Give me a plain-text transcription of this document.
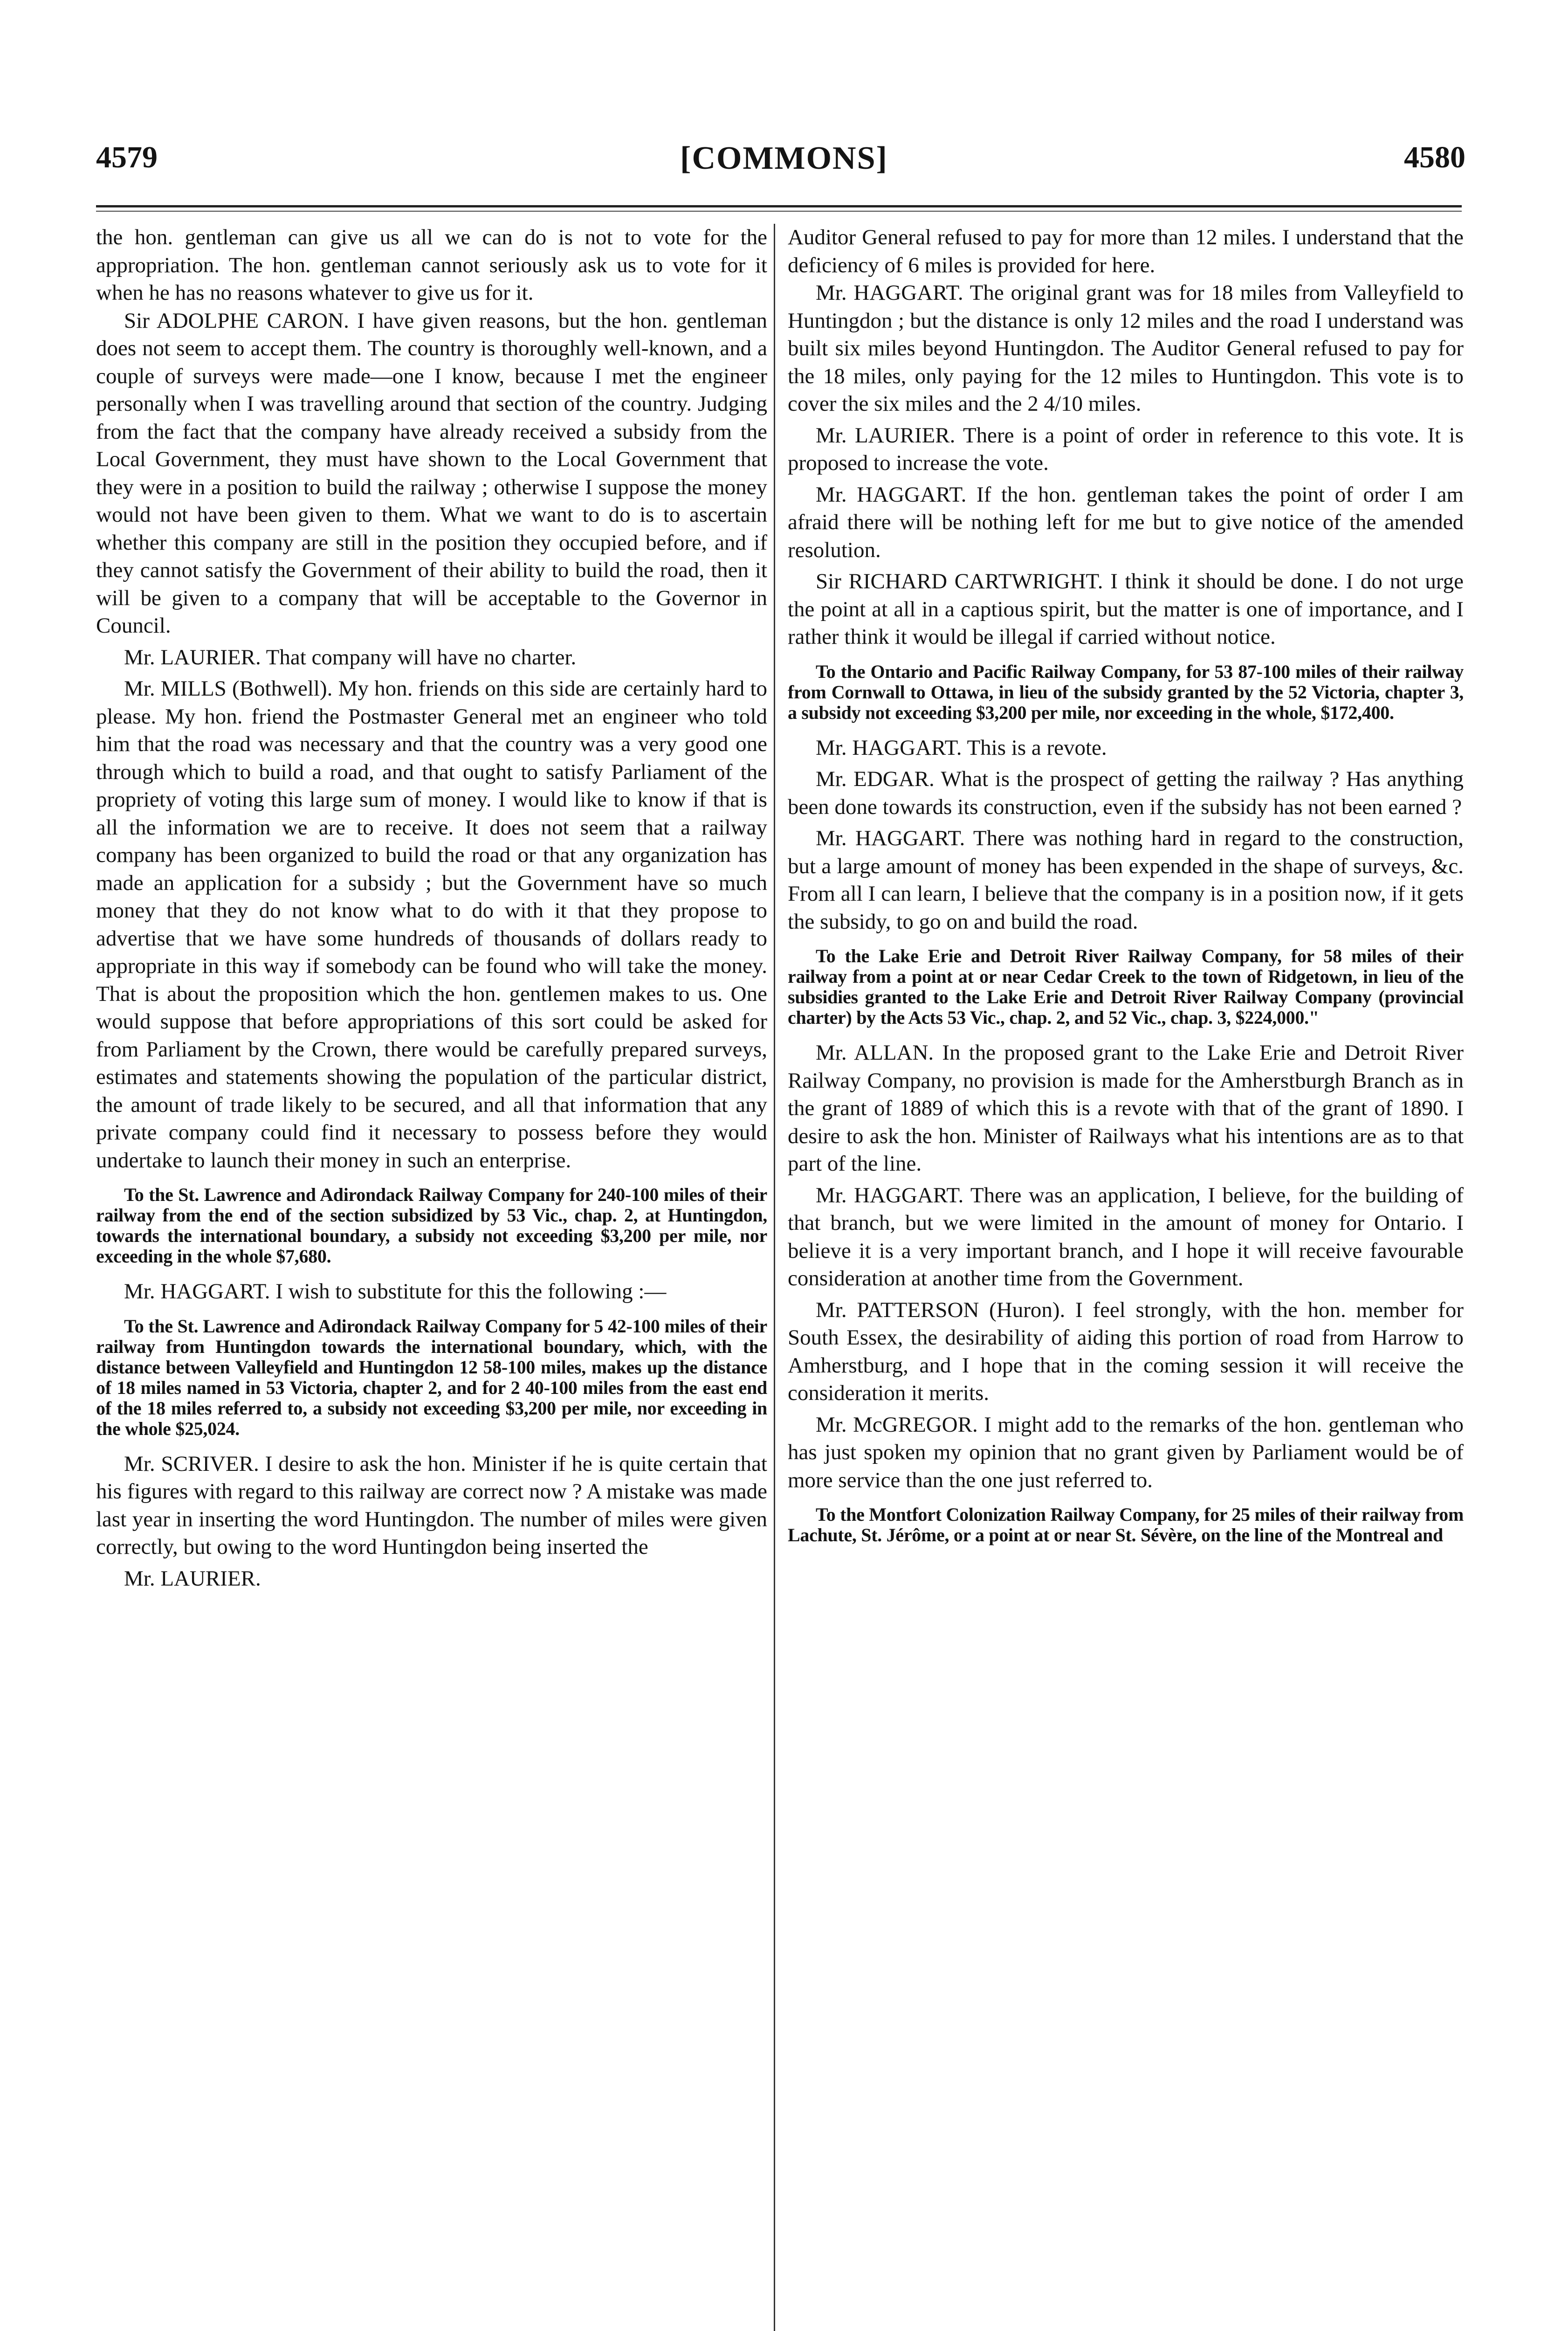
4579	[COMMONS]	4580

the hon. gentleman can give us all we can do is not to vote for the appropriation. The hon. gentleman cannot seriously ask us to vote for it when he has no reasons whatever to give us for it.

Sir ADOLPHE CARON. I have given reasons, but the hon. gentleman does not seem to accept them. The country is thoroughly well-known, and a couple of surveys were made—one I know, because I met the engineer personally when I was travelling around that section of the country. Judging from the fact that the company have already received a subsidy from the Local Government, they must have shown to the Local Government that they were in a position to build the railway ; otherwise I suppose the money would not have been given to them. What we want to do is to ascertain whether this company are still in the position they occupied before, and if they cannot satisfy the Government of their ability to build the road, then it will be given to a company that will be acceptable to the Governor in Council.

Mr. LAURIER. That company will have no charter.

Mr. MILLS (Bothwell). My hon. friends on this side are certainly hard to please. My hon. friend the Postmaster General met an engineer who told him that the road was necessary and that the country was a very good one through which to build a road, and that ought to satisfy Parliament of the propriety of voting this large sum of money. I would like to know if that is all the information we are to receive. It does not seem that a railway company has been organized to build the road or that any organization has made an application for a subsidy ; but the Government have so much money that they do not know what to do with it that they propose to advertise that we have some hundreds of thousands of dollars ready to appropriate in this way if somebody can be found who will take the money. That is about the proposition which the hon. gentlemen makes to us. One would suppose that before appropriations of this sort could be asked for from Parliament by the Crown, there would be carefully prepared surveys, estimates and statements showing the population of the particular district, the amount of trade likely to be secured, and all that information that any private company could find it necessary to possess before they would undertake to launch their money in such an enterprise.

To the St. Lawrence and Adirondack Railway Company for 240-100 miles of their railway from the end of the section subsidized by 53 Vic., chap. 2, at Huntingdon, towards the international boundary, a subsidy not exceeding $3,200 per mile, nor exceeding in the whole $7,680.

Mr. HAGGART. I wish to substitute for this the following :—

To the St. Lawrence and Adirondack Railway Company for 5 42-100 miles of their railway from Huntingdon towards the international boundary, which, with the distance between Valleyfield and Huntingdon 12 58-100 miles, makes up the distance of 18 miles named in 53 Victoria, chapter 2, and for 2 40-100 miles from the east end of the 18 miles referred to, a subsidy not exceeding $3,200 per mile, nor exceeding in the whole $25,024.

Mr. SCRIVER. I desire to ask the hon. Minister if he is quite certain that his figures with regard to this railway are correct now ? A mistake was made last year in inserting the word Huntingdon. The number of miles were given correctly, but owing to the word Huntingdon being inserted the

Mr. LAURIER.

Auditor General refused to pay for more than 12 miles. I understand that the deficiency of 6 miles is provided for here.

Mr. HAGGART. The original grant was for 18 miles from Valleyfield to Huntingdon ; but the distance is only 12 miles and the road I understand was built six miles beyond Huntingdon. The Auditor General refused to pay for the 18 miles, only paying for the 12 miles to Huntingdon. This vote is to cover the six miles and the 2 4/10 miles.

Mr. LAURIER. There is a point of order in reference to this vote. It is proposed to increase the vote.

Mr. HAGGART. If the hon. gentleman takes the point of order I am afraid there will be nothing left for me but to give notice of the amended resolution.

Sir RICHARD CARTWRIGHT. I think it should be done. I do not urge the point at all in a captious spirit, but the matter is one of importance, and I rather think it would be illegal if carried without notice.

To the Ontario and Pacific Railway Company, for 53 87-100 miles of their railway from Cornwall to Ottawa, in lieu of the subsidy granted by the 52 Victoria, chapter 3, a subsidy not exceeding $3,200 per mile, nor exceeding in the whole, $172,400.

Mr. HAGGART. This is a revote.

Mr. EDGAR. What is the prospect of getting the railway ? Has anything been done towards its construction, even if the subsidy has not been earned ?

Mr. HAGGART. There was nothing hard in regard to the construction, but a large amount of money has been expended in the shape of surveys, &c. From all I can learn, I believe that the company is in a position now, if it gets the subsidy, to go on and build the road.

To the Lake Erie and Detroit River Railway Company, for 58 miles of their railway from a point at or near Cedar Creek to the town of Ridgetown, in lieu of the subsidies granted to the Lake Erie and Detroit River Railway Company (provincial charter) by the Acts 53 Vic., chap. 2, and 52 Vic., chap. 3, $224,000."

Mr. ALLAN. In the proposed grant to the Lake Erie and Detroit River Railway Company, no provision is made for the Amherstburgh Branch as in the grant of 1889 of which this is a revote with that of the grant of 1890. I desire to ask the hon. Minister of Railways what his intentions are as to that part of the line.

Mr. HAGGART. There was an application, I believe, for the building of that branch, but we were limited in the amount of money for Ontario. I believe it is a very important branch, and I hope it will receive favourable consideration at another time from the Government.

Mr. PATTERSON (Huron). I feel strongly, with the hon. member for South Essex, the desirability of aiding this portion of road from Harrow to Amherstburg, and I hope that in the coming session it will receive the consideration it merits.

Mr. McGREGOR. I might add to the remarks of the hon. gentleman who has just spoken my opinion that no grant given by Parliament would be of more service than the one just referred to.

To the Montfort Colonization Railway Company, for 25 miles of their railway from Lachute, St. Jérôme, or a point at or near St. Sévère, on the line of the Montreal and
